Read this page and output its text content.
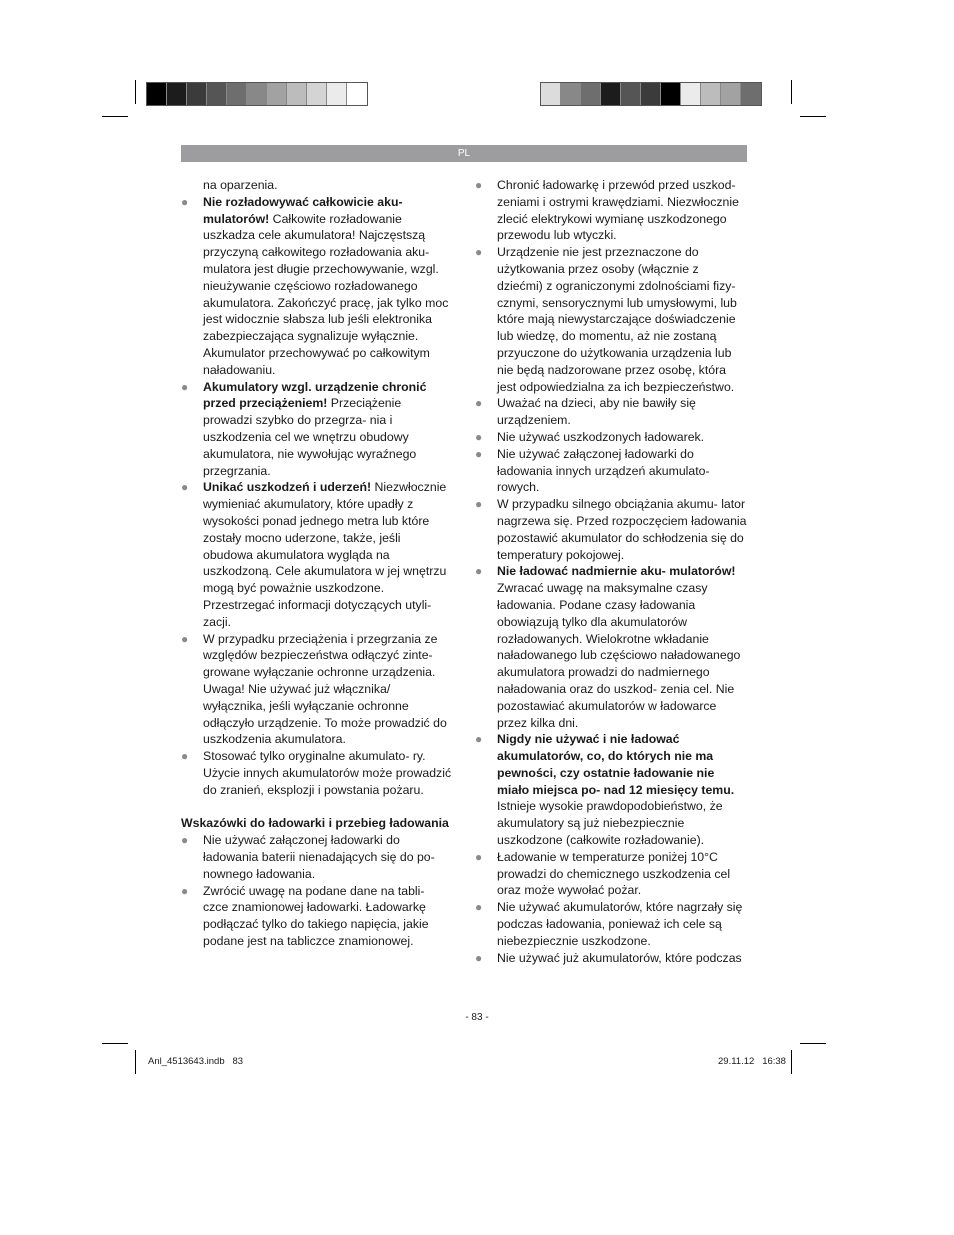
PL

na oparzenia.

● Nie rozładowywać całkowicie aku- mulatorów! Całkowite rozładowanie uszkadza cele akumulatora! Najczęstszą przyczyną całkowitego rozładowania aku- mulatora jest długie przechowywanie, wzgl. nieużywanie częściowo rozładowanego akumulatora. Zakończyć pracę, jak tylko moc jest widocznie słabsza lub jeśli elektronika zabezpieczająca sygnalizuje wyłącznie. Akumulator przechowywać po całkowitym naładowaniu.

● Akumulatory wzgl. urządzenie chronić przed przeciążeniem! Przeciążenie prowadzi szybko do przegrza- nia i uszkodzenia cel we wnętrzu obudowy akumulatora, nie wywołując wyraźnego przegrzania.

● Unikać uszkodzeń i uderzeń! Niezwłocznie wymieniać akumulatory, które upadły z wysokości ponad jednego metra lub które zostały mocno uderzone, także, jeśli obudowa akumulatora wygląda na uszkodzoną. Cele akumulatora w jej wnętrzu mogą być poważnie uszkodzone. Przestrzegać informacji dotyczących utyli- zacji.

● W przypadku przeciążenia i przegrzania ze względów bezpieczeństwa odłączyć zinte- growane wyłączanie ochronne urządzenia. Uwaga! Nie używać już włącznika/ wyłącznika, jeśli wyłączanie ochronne odłączyło urządzenie. To może prowadzić do uszkodzenia akumulatora.

● Stosować tylko oryginalne akumulato- ry. Użycie innych akumulatorów może prowadzić do zranień, eksplozji i powstania pożaru.

Wskazówki do ładowarki i przebieg ładowania

● Nie używać załączonej ładowarki do ładowania baterii nienadających się do po- nownego ładowania.

● Zwrócić uwagę na podane dane na tabli- czce znamionowej ładowarki. Ładowarkę podłączać tylko do takiego napięcia, jakie podane jest na tabliczce znamionowej.

● Chronić ładowarkę i przewód przed uszkod- zeniami i ostrymi krawędziami. Niezwłocznie zlecić elektrykowi wymianę uszkodzonego przewodu lub wtyczki.

● Urządzenie nie jest przeznaczone do użytkowania przez osoby (włącznie z dziećmi) z ograniczonymi zdolnościami fizy- cznymi, sensorycznymi lub umysłowymi, lub które mają niewystarczające doświadczenie lub wiedzę, do momentu, aż nie zostaną przyuczone do użytkowania urządzenia lub nie będą nadzorowane przez osobę, która jest odpowiedzialna za ich bezpieczeństwo.

● Uważać na dzieci, aby nie bawiły się urządzeniem.

● Nie używać uszkodzonych ładowarek.

● Nie używać załączonej ładowarki do ładowania innych urządzeń akumulato- rowych.

● W przypadku silnego obciążania akumu- lator nagrzewa się. Przed rozpoczęciem ładowania pozostawić akumulator do schłodzenia się do temperatury pokojowej.

● Nie ładować nadmiernie aku- mulatorów! Zwracać uwagę na maksymalne czasy ładowania. Podane czasy ładowania obowiązują tylko dla akumulatorów rozładowanych. Wielokrotne wkładanie naładowanego lub częściowo naładowanego akumulatora prowadzi do nadmiernego naładowania oraz do uszkod- zenia cel. Nie pozostawiać akumulatorów w ładowarce przez kilka dni.

● Nigdy nie używać i nie ładować akumulatorów, co, do których nie ma pewności, czy ostatnie ładowanie nie miało miejsca po- nad 12 miesięcy temu. Istnieje wysokie prawdopodobieństwo, że akumulatory są już niebezpiecznie uszkodzone (całkowite rozładowanie).

● Ładowanie w temperaturze poniżej 10°C prowadzi do chemicznego uszkodzenia cel oraz może wywołać pożar.

● Nie używać akumulatorów, które nagrzały się podczas ładowania, ponieważ ich cele są niebezpiecznie uszkodzone.

● Nie używać już akumulatorów, które podczas

- 83 -
Anl_4513643.indb   83	29.11.12   16:38
